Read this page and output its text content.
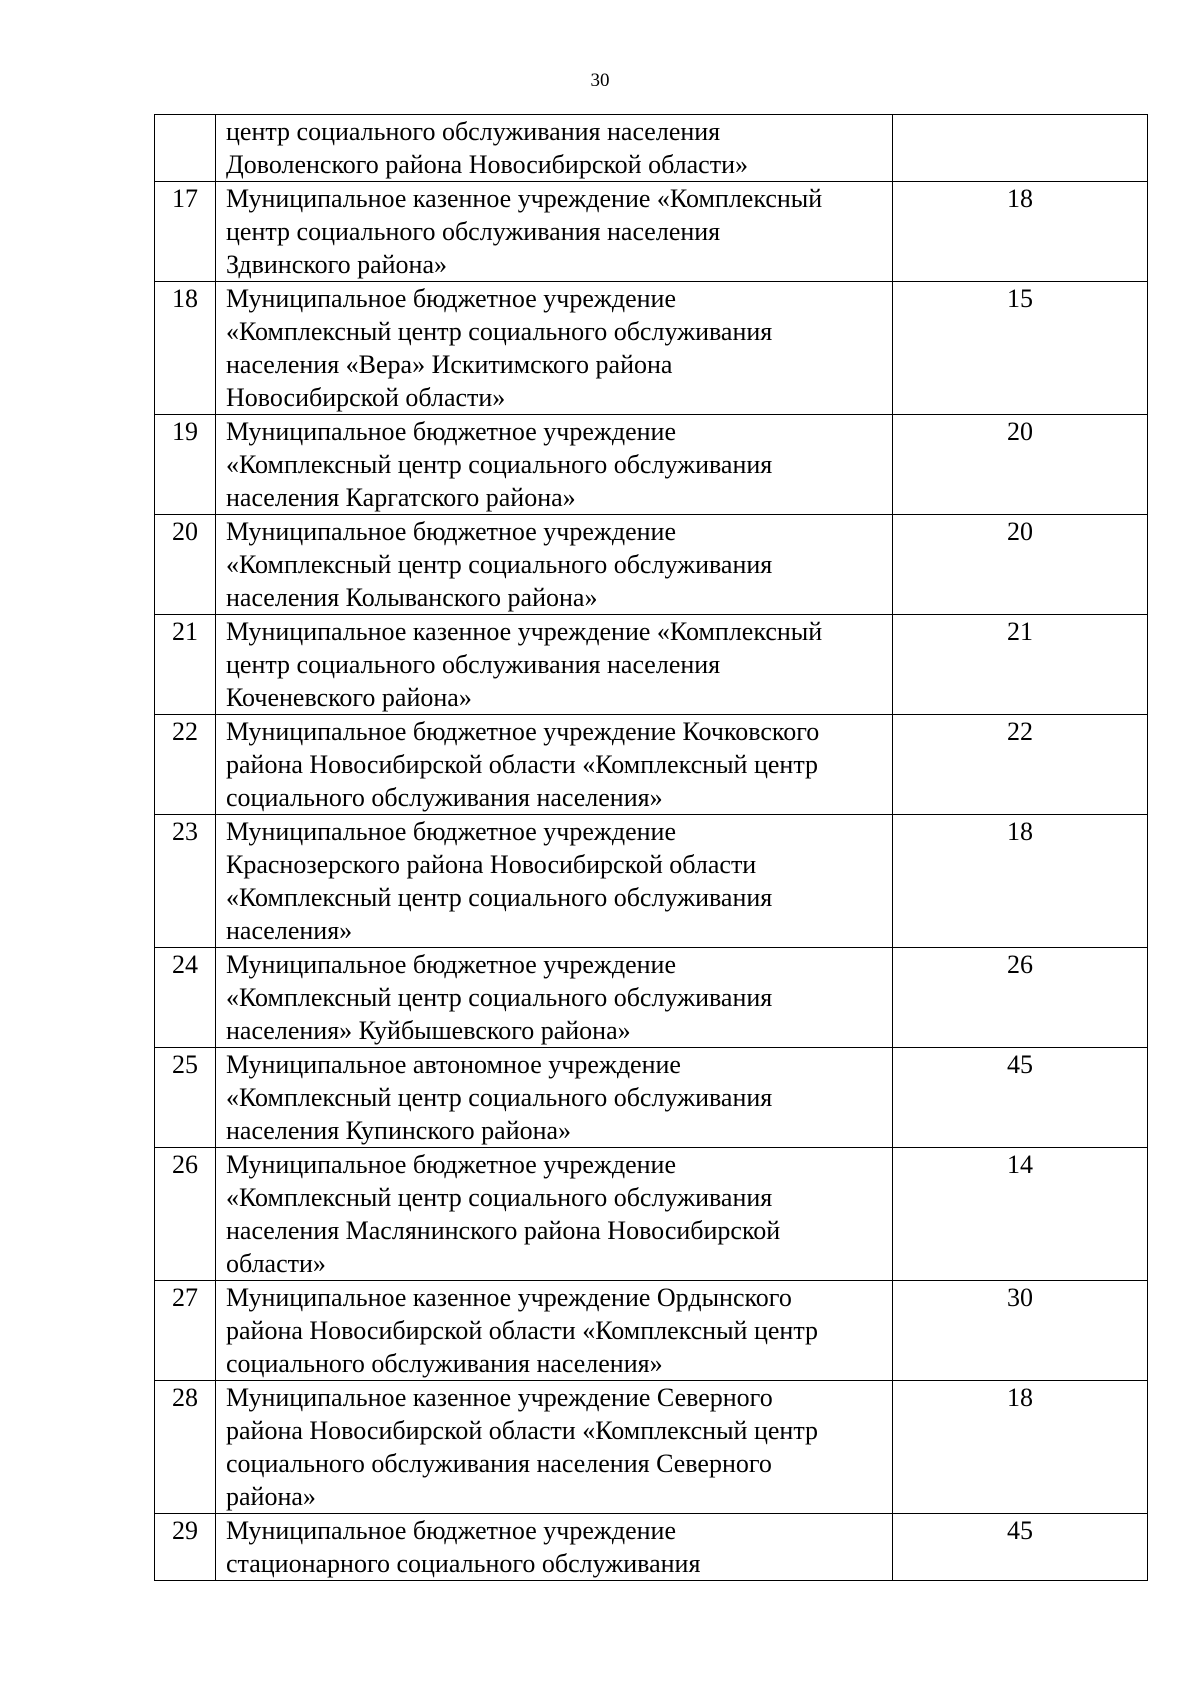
30

	центр социального обслуживания населения
Доволенского района Новосибирской области»	

17	Муниципальное казенное учреждение «Комплексный
центр социального обслуживания населения
Здвинского района»	18
18	Муниципальное бюджетное учреждение
«Комплексный центр социального обслуживания
населения «Вера» Искитимского района
Новосибирской области»	15
19	Муниципальное бюджетное учреждение
«Комплексный центр социального обслуживания
населения Каргатского района»	20
20	Муниципальное бюджетное учреждение
«Комплексный центр социального обслуживания
населения Колыванского района»	20
21	Муниципальное казенное учреждение «Комплексный
центр социального обслуживания населения
Коченевского района»	21
22	Муниципальное бюджетное учреждение Кочковского
района Новосибирской области «Комплексный центр
социального обслуживания населения»	22
23	Муниципальное бюджетное учреждение
Краснозерского района Новосибирской области
«Комплексный центр социального обслуживания
населения»	18
24	Муниципальное бюджетное учреждение
«Комплексный центр социального обслуживания
населения» Куйбышевского района»	26
25	Муниципальное автономное учреждение
«Комплексный центр социального обслуживания
населения Купинского района»	45
26	Муниципальное бюджетное учреждение
«Комплексный центр социального обслуживания
населения Маслянинского района Новосибирской
области»	14
27	Муниципальное казенное учреждение Ордынского
района Новосибирской области «Комплексный центр
социального обслуживания населения»	30
28	Муниципальное казенное учреждение Северного
района Новосибирской области «Комплексный центр
социального обслуживания населения Северного
района»	18
29	Муниципальное бюджетное учреждение
стационарного социального обслуживания	45
